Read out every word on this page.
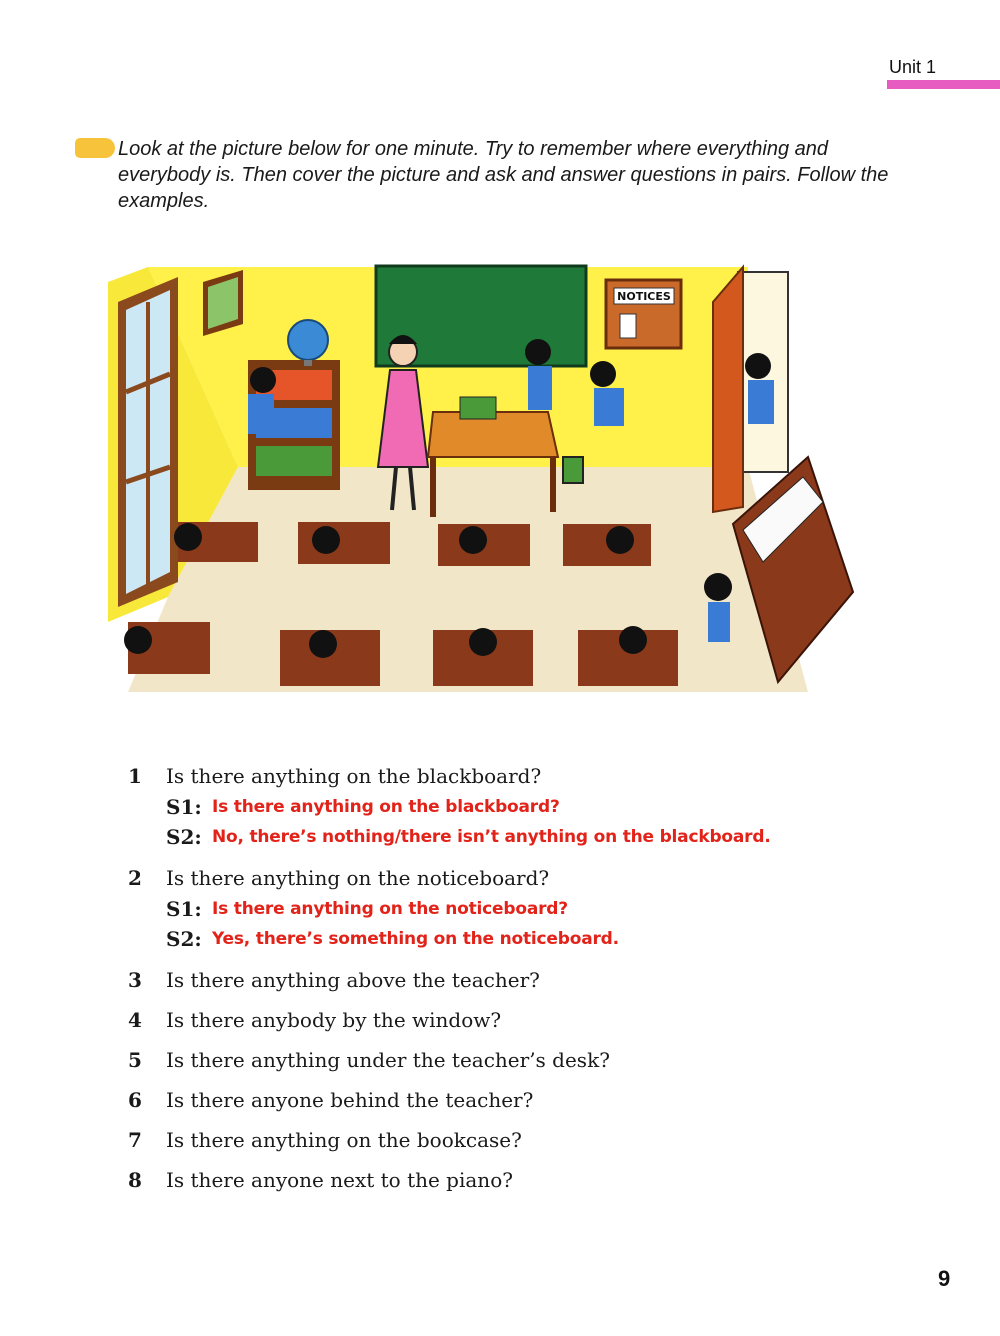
Unit 1

Look at the picture below for one minute. Try to remember where everything and everybody is. Then cover the picture and ask and answer questions in pairs. Follow the examples.

NOTICES
1	Is there anything on the blackboard?
S1: Is there anything on the blackboard?
S2: No, there’s nothing/there isn’t anything on the blackboard.
2	Is there anything on the noticeboard?
S1: Is there anything on the noticeboard?
S2: Yes, there’s something on the noticeboard.
3	Is there anything above the teacher?
4	Is there anybody by the window?
5	Is there anything under the teacher’s desk?
6	Is there anyone behind the teacher?
7	Is there anything on the bookcase?
8	Is there anyone next to the piano?
9
